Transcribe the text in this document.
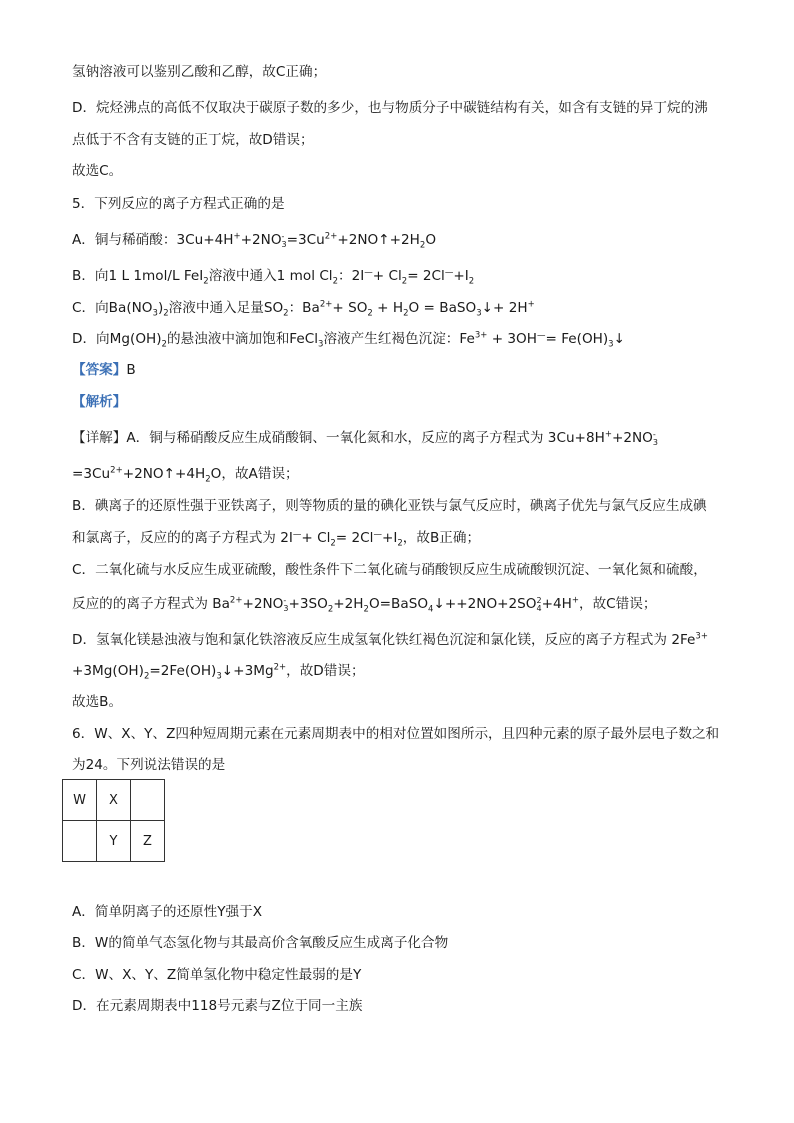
氢钠溶液可以鉴别乙酸和乙醇，故C正确；
D．烷烃沸点的高低不仅取决于碳原子数的多少，也与物质分子中碳链结构有关，如含有支链的异丁烷的沸
点低于不含有支链的正丁烷，故D错误；
故选C。
5．下列反应的离子方程式正确的是
A．铜与稀硝酸：3Cu+4H++2NO -
$3 =3Cu^{2+}+2NO↑+2H_2O$
B．向1 L 1mol/L FeI$_2$溶液中通入1 mol $Cl_2$：$2I^—+ Cl_2= 2Cl^—+I_2$
C．向$Ba(NO_3)_2$溶液中通入足量$SO_2$：$Ba^{2+}+ SO_2 + H_2O$ = BaSO$_3$↓+ 2H+
D．向$Mg(OH)_2$的悬浊液中滴加饱和FeCl$_3$溶液产生红褐色沉淀：$Fe^{3+} + 3OH^—=$ $Fe(OH)_3↓$
【答案】B
【解析】
【详解】A．铜与稀硝酸反应生成硝酸铜、一氧化氮和水，反应的离子方程式为 3Cu+8H++2NO -
3
$=3Cu^{2+}+2NO↑+4H_2O$，故A错误；
B．碘离子的还原性强于亚铁离子，则等物质的量的碘化亚铁与氯气反应时，碘离子优先与氯气反应生成碘
和氯离子，反应的的离子方程式为 $2I^—+ Cl_2= 2Cl^—+I_2$，故B正确；
C．二氧化硫与水反应生成亚硫酸，酸性条件下二氧化硫与硝酸钡反应生成硫酸钡沉淀、一氧化氮和硫酸，
反应的的离子方程式为 $Ba^{2+}+2NO$ -
$3 +3SO_2+2H_2O=BaSO_4↓++2NO+2SO$ 2
4 +4H+，故C错误；
D．氢氧化镁悬浊液与饱和氯化铁溶液反应生成氢氧化铁红褐色沉淀和氯化镁，反应的离子方程式为 $2Fe^{3+}$
$+3Mg(OH)_2=2Fe(OH)_3↓+3Mg^{2+}$，故D错误；
故选B。
6．W、X、Y、Z四种短周期元素在元素周期表中的相对位置如图所示，且四种元素的原子最外层电子数之和
为24。下列说法错误的是
W	X	
	Y	Z
A．简单阴离子的还原性Y强于X
B．W的简单气态氢化物与其最高价含氧酸反应生成离子化合物
C．W、X、Y、Z简单氢化物中稳定性最弱的是Y
D．在元素周期表中118号元素与Z位于同一主族
